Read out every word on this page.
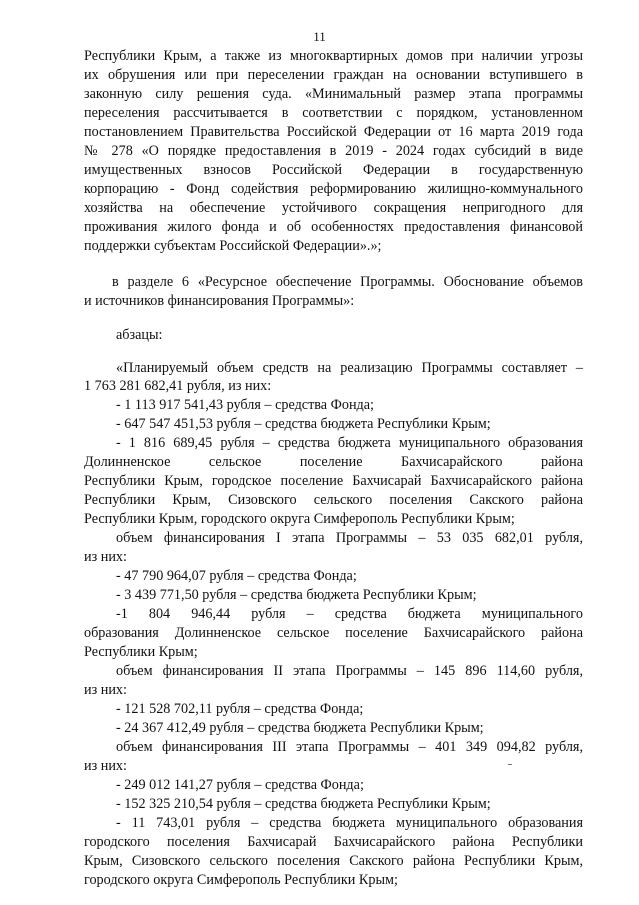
11
Республики Крым, а также из многоквартирных домов при наличии угрозы
их обрушения или при переселении граждан на основании вступившего в
законную силу решения суда. «Минимальный размер этапа программы
переселения рассчитывается в соответствии с порядком, установленном
постановлением Правительства Российской Федерации от 16 марта 2019 года
№ 278 «О порядке предоставления в 2019 - 2024 годах субсидий в виде
имущественных взносов Российской Федерации в государственную
корпорацию - Фонд содействия реформированию жилищно-коммунального
хозяйства на обеспечение устойчивого сокращения непригодного для
проживания жилого фонда и об особенностях предоставления финансовой
поддержки субъектам Российской Федерации».»;
в разделе 6 «Ресурсное обеспечение Программы. Обоснование объемов
и источников финансирования Программы»:
абзацы:
«Планируемый объем средств на реализацию Программы составляет –
1 763 281 682,41 рубля, из них:
- 1 113 917 541,43 рубля – средства Фонда;
- 647 547 451,53 рубля – средства бюджета Республики Крым;
- 1 816 689,45 рубля – средства бюджета муниципального образования
Долинненское сельское поселение Бахчисарайского района
Республики Крым, городское поселение Бахчисарай Бахчисарайского района
Республики Крым, Сизовского сельского поселения Сакского района
Республики Крым, городского округа Симферополь Республики Крым;
объем финансирования I этапа Программы – 53 035 682,01 рубля,
из них:
- 47 790 964,07 рубля – средства Фонда;
- 3 439 771,50 рубля – средства бюджета Республики Крым;
-1 804 946,44 рубля – средства бюджета муниципального
образования Долинненское сельское поселение Бахчисарайского района
Республики Крым;
объем финансирования II этапа Программы – 145 896 114,60 рубля,
из них:
- 121 528 702,11 рубля – средства Фонда;
- 24 367 412,49 рубля – средства бюджета Республики Крым;
объем финансирования III этапа Программы – 401 349 094,82 рубля,
из них:
- 249 012 141,27 рубля – средства Фонда;
- 152 325 210,54 рубля – средства бюджета Республики Крым;
- 11 743,01 рубля – средства бюджета муниципального образования
городского поселения Бахчисарай Бахчисарайского района Республики
Крым, Сизовского сельского поселения Сакского района Республики Крым,
городского округа Симферополь Республики Крым;
